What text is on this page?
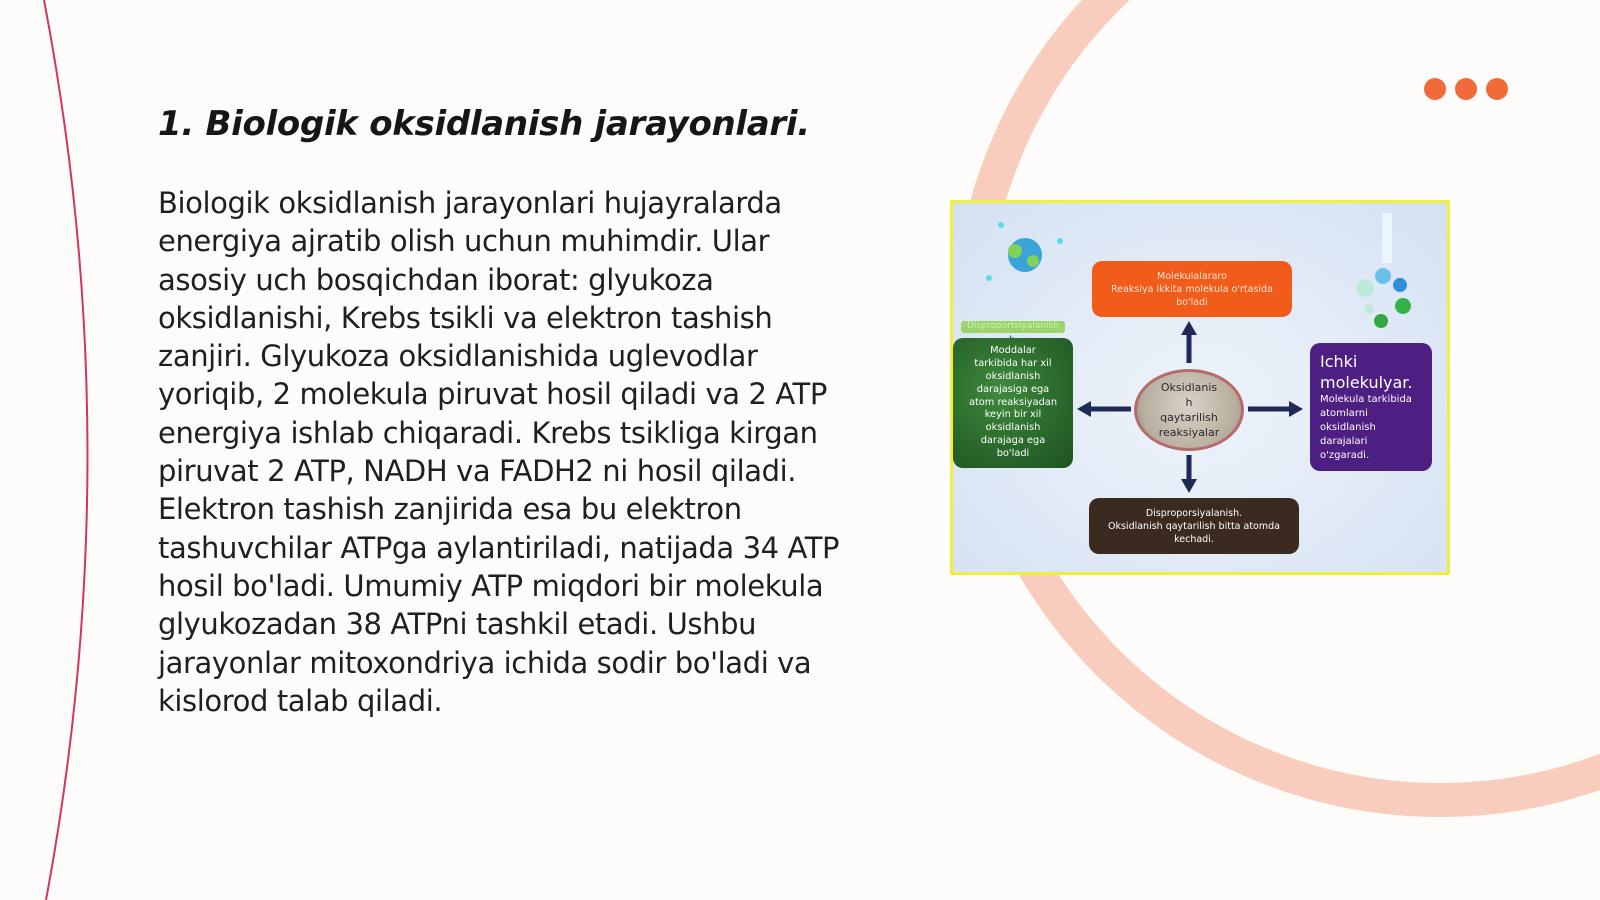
1. Biologik oksidlanish jarayonlari.

Biologik oksidlanish jarayonlari hujayralarda energiya ajratib olish uchun muhimdir. Ular asosiy uch bosqichdan iborat: glyukoza oksidlanishi, Krebs tsikli va elektron tashish zanjiri. Glyukoza oksidlanishida uglevodlar yoriqib, 2 molekula piruvat hosil qiladi va 2 ATP energiya ishlab chiqaradi. Krebs tsikliga kirgan piruvat 2 ATP, NADH va FADH2 ni hosil qiladi. Elektron tashish zanjirida esa bu elektron tashuvchilar ATPga aylantiriladi, natijada 34 ATP hosil bo'ladi. Umumiy ATP miqdori bir molekula glyukozadan 38 ATPni tashkil etadi. Ushbu jarayonlar mitoxondriya ichida sodir bo'ladi va kislorod talab qiladi.

Molekulalararo
Reaksiya ikkita molekula o'rtasida
bo'ladi
Disproportsiyalanish
Moddalar
tarkibida har xil
oksidlanish
darajasiga ega
atom reaksiyadan
keyin bir xil
oksidlanish
darajaga ega
bo'ladi
Oksidlanis
h
qaytarilish
reaksiyalar
Ichki
molekulyar.
Molekula tarkibida
atomlarni
oksidlanish
darajalari
o'zgaradi.
Disproporsiyalanish.
Oksidlanish qaytarilish bitta atomda
kechadi.
